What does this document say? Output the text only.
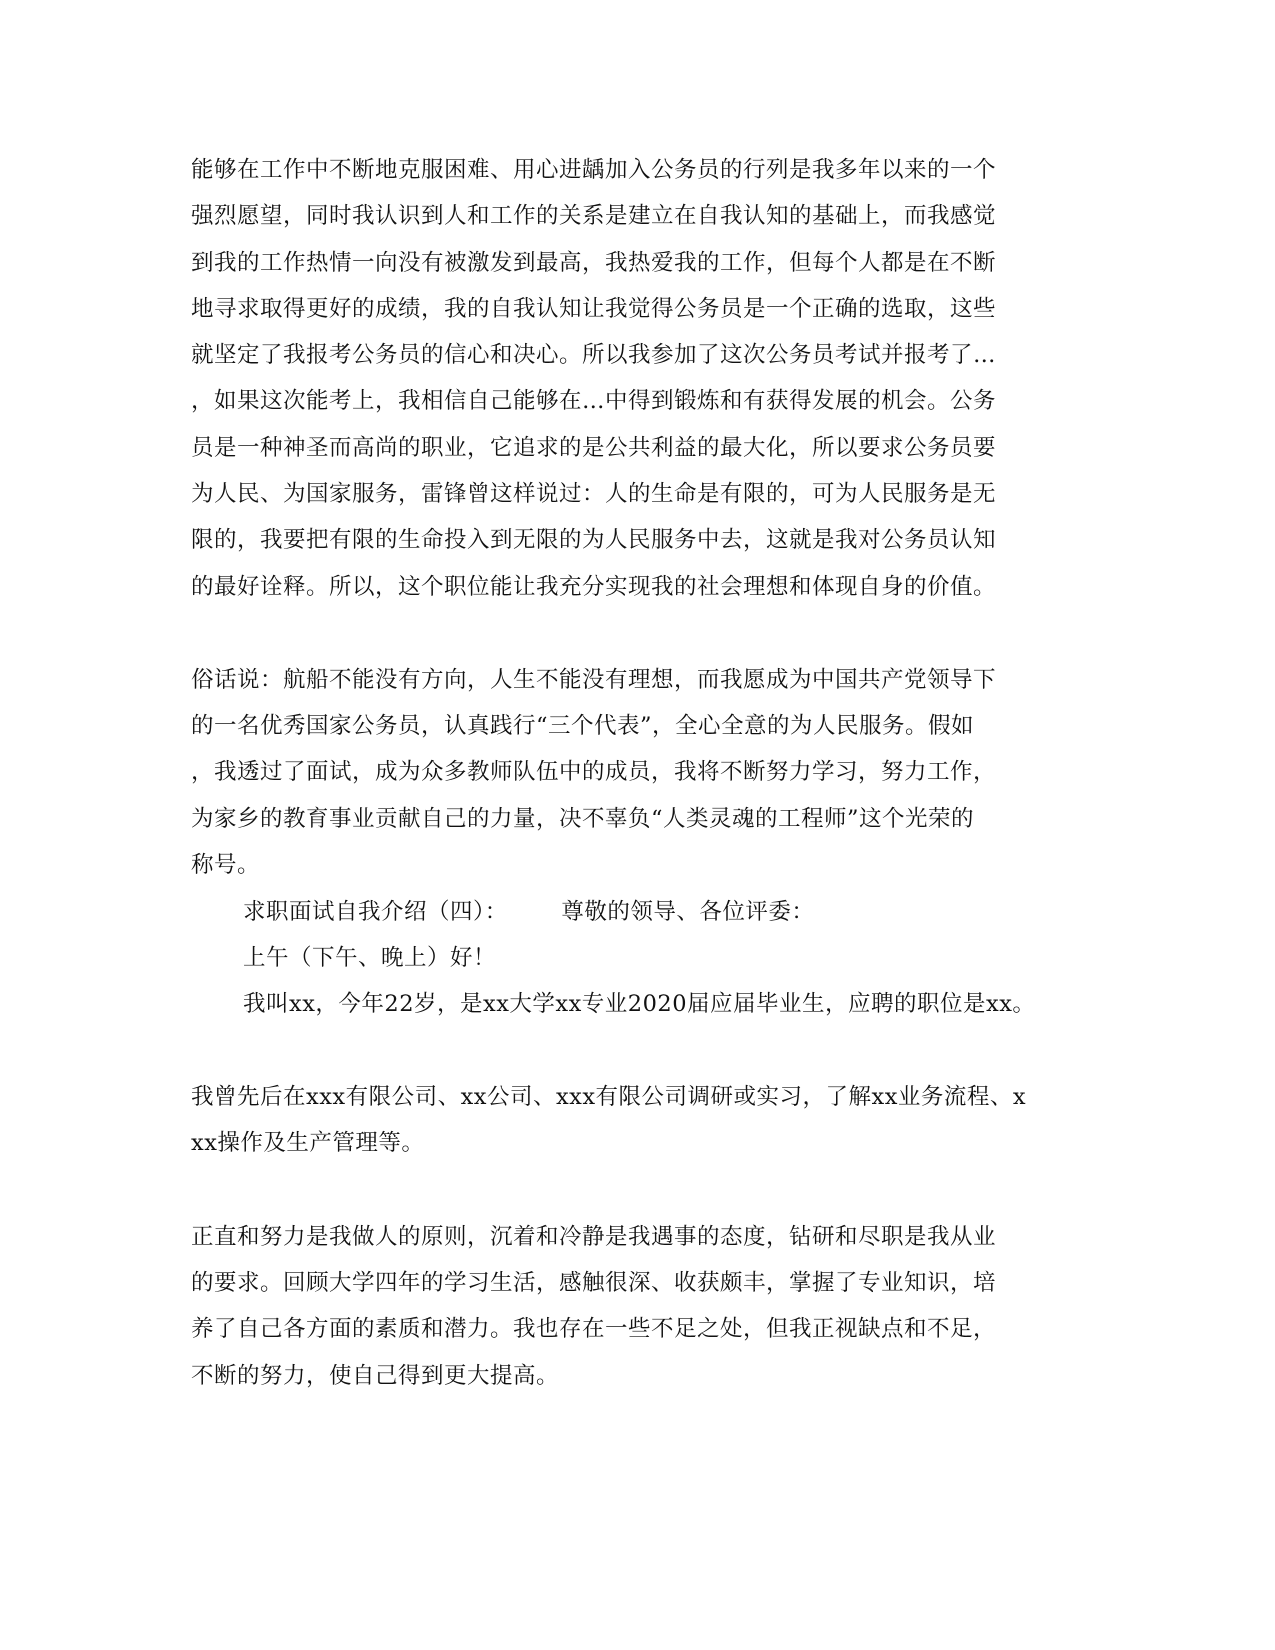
能够在工作中不断地克服困难、用心进龋加入公务员的行列是我多年以来的一个
强烈愿望，同时我认识到人和工作的关系是建立在自我认知的基础上，而我感觉
到我的工作热情一向没有被激发到最高，我热爱我的工作，但每个人都是在不断
地寻求取得更好的成绩，我的自我认知让我觉得公务员是一个正确的选取，这些
就坚定了我报考公务员的信心和决心。所以我参加了这次公务员考试并报考了…
，如果这次能考上，我相信自己能够在…中得到锻炼和有获得发展的机会。公务
员是一种神圣而高尚的职业，它追求的是公共利益的最大化，所以要求公务员要
为人民、为国家服务，雷锋曾这样说过：人的生命是有限的，可为人民服务是无
限的，我要把有限的生命投入到无限的为人民服务中去，这就是我对公务员认知
的最好诠释。所以，这个职位能让我充分实现我的社会理想和体现自身的价值。
俗话说：航船不能没有方向，人生不能没有理想，而我愿成为中国共产党领导下
的一名优秀国家公务员，认真践行“三个代表”，全心全意的为人民服务。假如
，我透过了面试，成为众多教师队伍中的成员，我将不断努力学习，努力工作，
为家乡的教育事业贡献自己的力量，决不辜负“人类灵魂的工程师”这个光荣的
称号。
求职面试自我介绍（四）： 尊敬的领导、各位评委：
上午（下午、晚上）好！
我叫xx，今年22岁，是xx大学xx专业2020届应届毕业生，应聘的职位是xx。
我曾先后在xxx有限公司、xx公司、xxx有限公司调研或实习，了解xx业务流程、x
xx操作及生产管理等。
正直和努力是我做人的原则，沉着和冷静是我遇事的态度，钻研和尽职是我从业
的要求。回顾大学四年的学习生活，感触很深、收获颇丰，掌握了专业知识，培
养了自己各方面的素质和潜力。我也存在一些不足之处，但我正视缺点和不足，
不断的努力，使自己得到更大提高。
